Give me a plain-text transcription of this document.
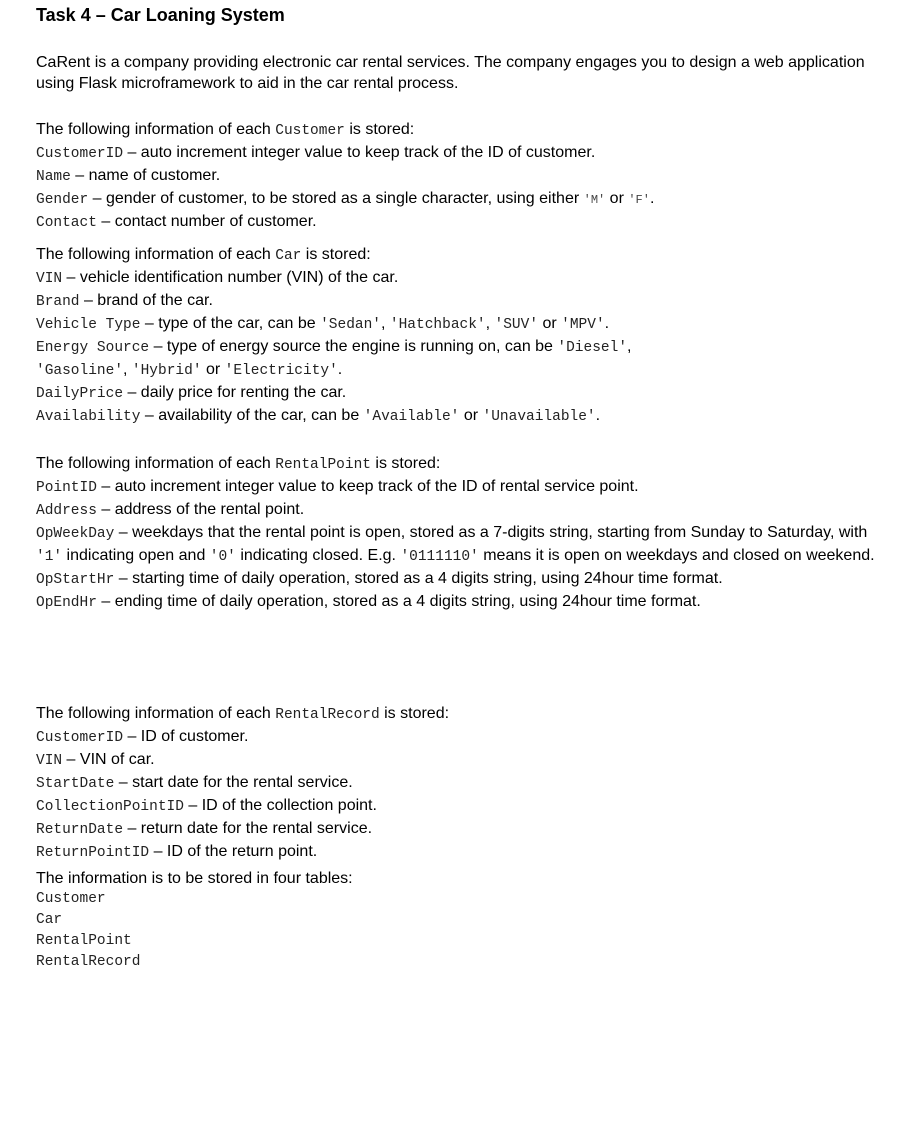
Task 4 – Car Loaning System

CaRent is a company providing electronic car rental services. The company engages you to design a web application using Flask microframework to aid in the car rental process.

The following information of each Customer is stored:
CustomerID – auto increment integer value to keep track of the ID of customer.
Name – name of customer.
Gender – gender of customer, to be stored as a single character, using either 'M' or 'F'.
Contact – contact number of customer.
The following information of each Car is stored:
VIN – vehicle identification number (VIN) of the car.
Brand – brand of the car.
Vehicle Type – type of the car, can be 'Sedan', 'Hatchback', 'SUV' or 'MPV'.
Energy Source – type of energy source the engine is running on, can be 'Diesel',
'Gasoline', 'Hybrid' or 'Electricity'.
DailyPrice – daily price for renting the car.
Availability – availability of the car, can be 'Available' or 'Unavailable'.
The following information of each RentalPoint is stored:
PointID – auto increment integer value to keep track of the ID of rental service point.
Address – address of the rental point.
OpWeekDay – weekdays that the rental point is open, stored as a 7-digits string, starting from Sunday to Saturday, with '1' indicating open and '0' indicating closed. E.g. '0111110' means it is open on weekdays and closed on weekend.
OpStartHr – starting time of daily operation, stored as a 4 digits string, using 24hour time format.
OpEndHr – ending time of daily operation, stored as a 4 digits string, using 24hour time format.
The following information of each RentalRecord is stored:
CustomerID – ID of customer.
VIN – VIN of car.
StartDate – start date for the rental service.
CollectionPointID – ID of the collection point.
ReturnDate – return date for the rental service.
ReturnPointID – ID of the return point.
The information is to be stored in four tables:
Customer
Car
RentalPoint
RentalRecord
